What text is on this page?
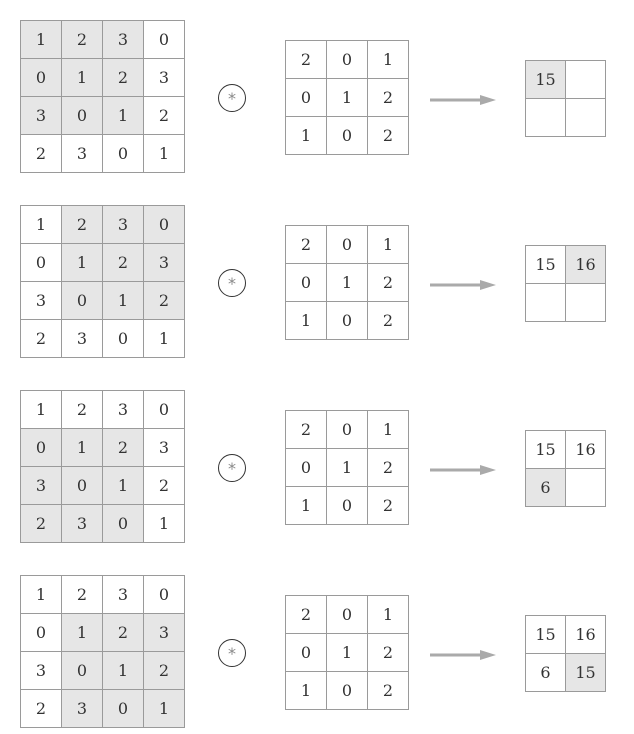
1	2	3	0
0	1	2	3
3	0	1	2
2	3	0	1
*
2	0	1
0	1	2
1	0	2
15	

1	2	3	0
0	1	2	3
3	0	1	2
2	3	0	1
*
2	0	1
0	1	2
1	0	2
15	16

1	2	3	0
0	1	2	3
3	0	1	2
2	3	0	1
*
2	0	1
0	1	2
1	0	2
15	16
6	
1	2	3	0
0	1	2	3
3	0	1	2
2	3	0	1
*
2	0	1
0	1	2
1	0	2
15	16
6	15
